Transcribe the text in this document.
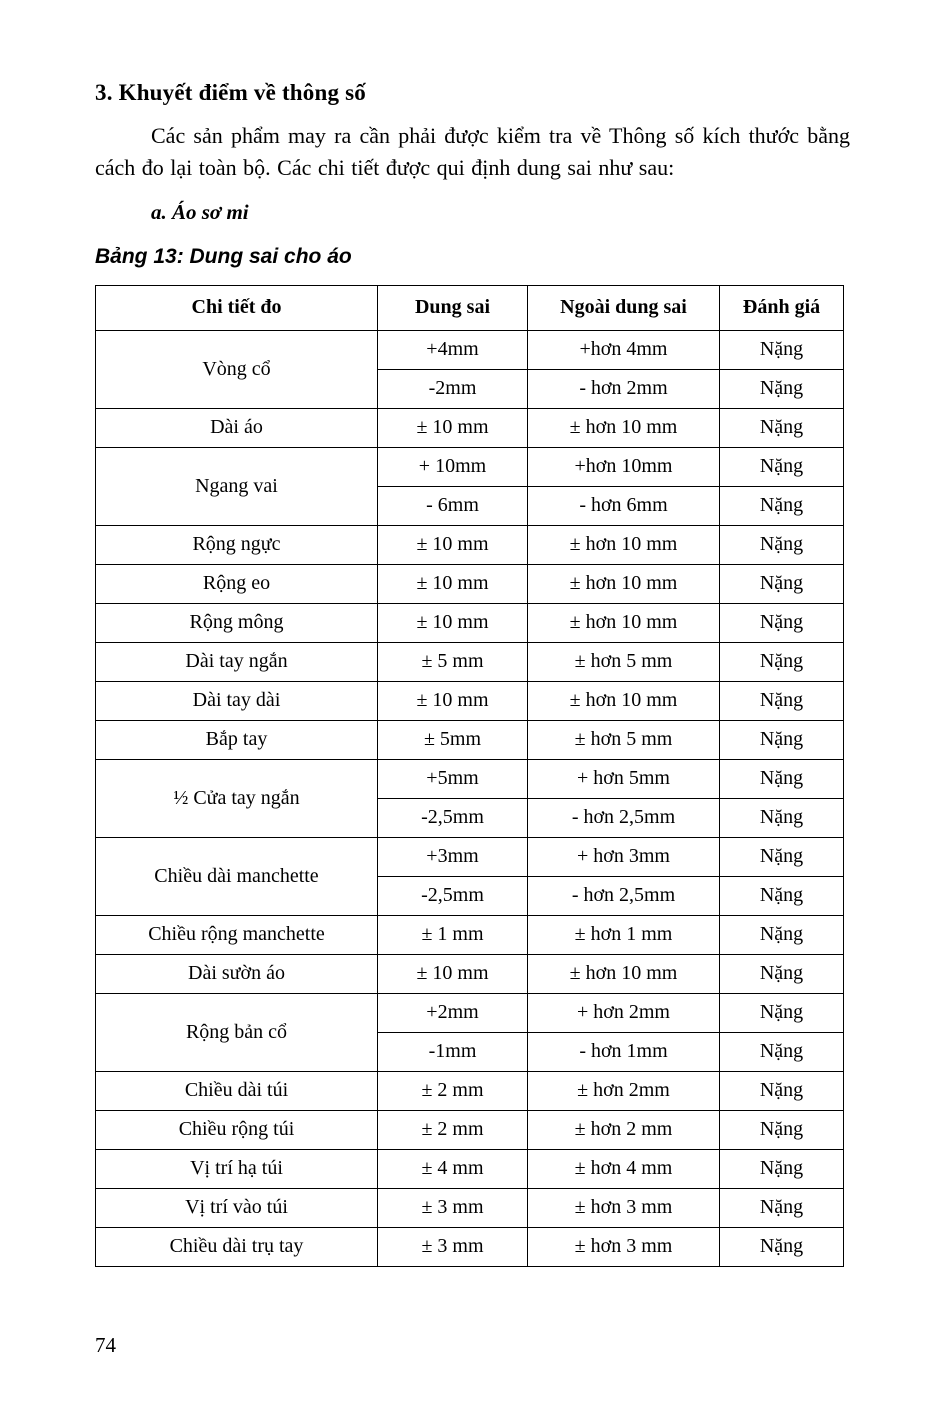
3. Khuyết điểm về thông số

Các sản phẩm may ra cần phải được kiểm tra về Thông số kích thước bằng cách đo lại toàn bộ. Các chi tiết được qui định dung sai như sau:

a. Áo sơ mi

Bảng 13: Dung sai cho áo

Chi tiết đo	Dung sai	Ngoài dung sai	Đánh giá
Vòng cổ	+4mm	+hơn 4mm	Nặng
	-2mm	- hơn 2mm	Nặng
Dài áo	± 10 mm	± hơn 10 mm	Nặng
Ngang vai	+ 10mm	+hơn 10mm	Nặng
	- 6mm	- hơn 6mm	Nặng
Rộng ngực	± 10 mm	± hơn 10 mm	Nặng
Rộng eo	± 10 mm	± hơn 10 mm	Nặng
Rộng mông	± 10 mm	± hơn 10 mm	Nặng
Dài tay ngắn	± 5 mm	± hơn 5 mm	Nặng
Dài tay dài	± 10 mm	± hơn 10 mm	Nặng
Bắp tay	± 5mm	± hơn 5 mm	Nặng
½ Cửa tay ngắn	+5mm	+ hơn 5mm	Nặng
	-2,5mm	- hơn 2,5mm	Nặng
Chiều dài manchette	+3mm	+ hơn 3mm	Nặng
	-2,5mm	- hơn 2,5mm	Nặng
Chiều rộng manchette	± 1 mm	± hơn 1 mm	Nặng
Dài sườn áo	± 10 mm	± hơn 10 mm	Nặng
Rộng bản cổ	+2mm	+ hơn 2mm	Nặng
	-1mm	- hơn 1mm	Nặng
Chiều dài túi	± 2 mm	± hơn 2mm	Nặng
Chiều rộng túi	± 2 mm	± hơn 2 mm	Nặng
Vị trí hạ túi	± 4 mm	± hơn 4 mm	Nặng
Vị trí vào túi	± 3 mm	± hơn 3 mm	Nặng
Chiều dài trụ tay	± 3 mm	± hơn 3 mm	Nặng
74
